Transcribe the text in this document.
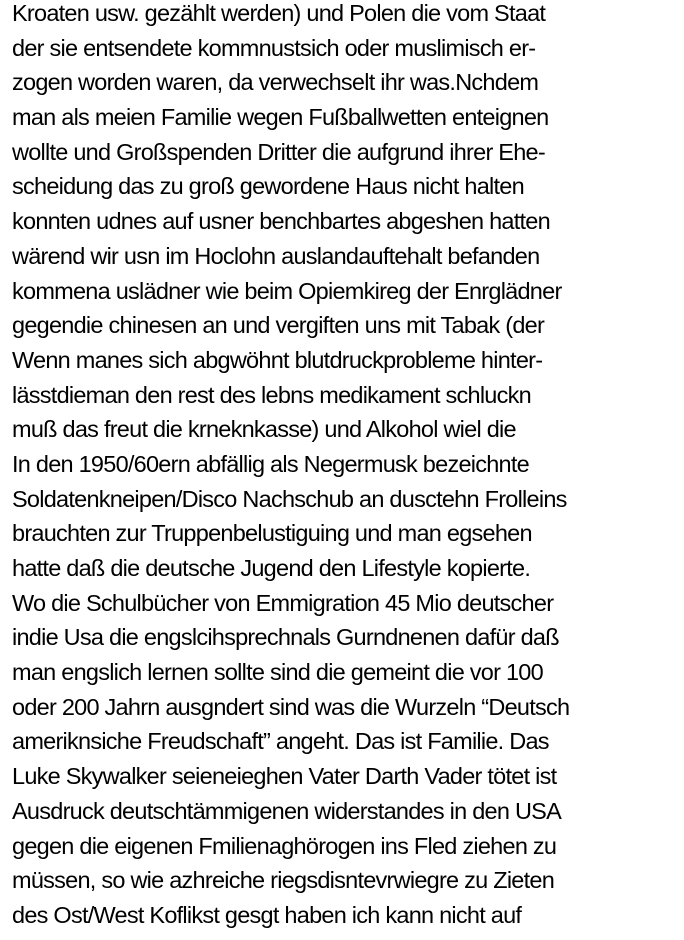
Kroaten usw. gezählt werden) und Polen die vom Staat
der sie entsendete kommnustsich oder muslimisch er-
zogen worden waren, da verwechselt ihr was.Nchdem
man als meien Familie wegen Fußballwetten enteignen
wollte und Großspenden Dritter die aufgrund ihrer Ehe-
scheidung das zu groß gewordene Haus nicht halten
konnten udnes auf usner benchbartes abgeshen hatten
wärend wir usn im Hoclohn auslandauftehalt befanden
kommena uslädner wie beim Opiemkireg der Enrglädner
gegendie chinesen an und vergiften uns mit Tabak (der
Wenn manes sich abgwöhnt blutdruckprobleme hinter-
lässtdieman den rest des lebns medikament schluckn
muß das freut die krneknkasse) und Alkohol wiel die
In den 1950/60ern abfällig als Negermusk bezeichnte
Soldatenkneipen/Disco Nachschub an dusctehn Frolleins
brauchten zur Truppenbelustiguing und man egsehen
hatte daß die deutsche Jugend den Lifestyle kopierte.
Wo die Schulbücher von Emmigration 45 Mio deutscher
indie Usa die engslcihsprechnals Gurndnenen dafür daß
man engslich lernen sollte sind die gemeint die vor 100
oder 200 Jahrn ausgndert sind was die Wurzeln “Deutsch
ameriknsiche Freudschaft” angeht. Das ist Familie. Das
Luke Skywalker seieneieghen Vater Darth Vader tötet ist
Ausdruck deutschtämmigenen widerstandes in den USA
gegen die eigenen Fmilienaghörogen ins Fled ziehen zu
müssen, so wie azhreiche riegsdisntevrwiegre zu Zieten
des Ost/West Koflikst gesgt haben ich kann nicht auf
